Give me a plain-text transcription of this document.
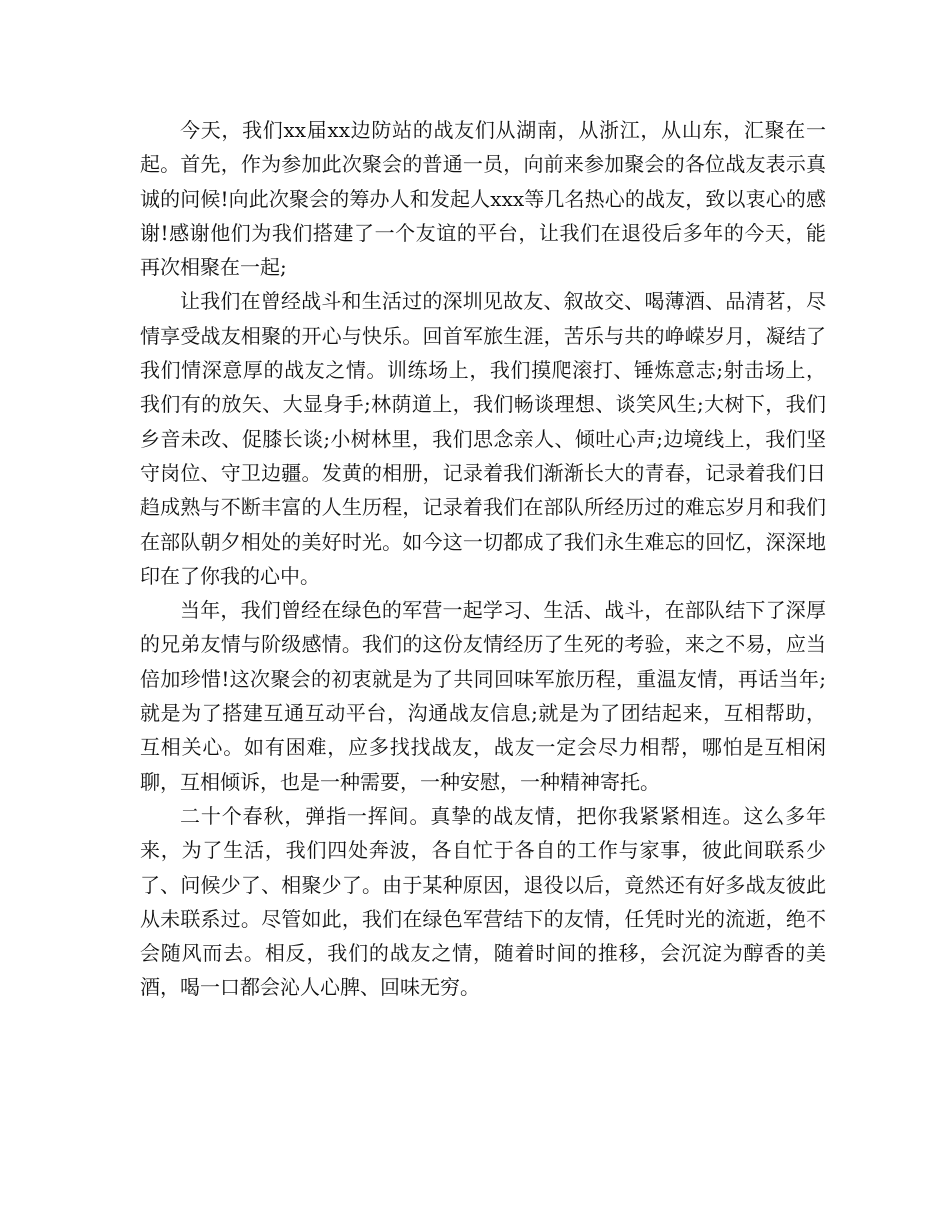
今天，我们xx届xx边防站的战友们从湖南，从浙江，从山东，汇聚在一起。首先，作为参加此次聚会的普通一员，向前来参加聚会的各位战友表示真诚的问候!向此次聚会的筹办人和发起人xxx等几名热心的战友，致以衷心的感谢!感谢他们为我们搭建了一个友谊的平台，让我们在退役后多年的今天，能再次相聚在一起;

让我们在曾经战斗和生活过的深圳见故友、叙故交、喝薄酒、品清茗，尽情享受战友相聚的开心与快乐。回首军旅生涯，苦乐与共的峥嵘岁月，凝结了我们情深意厚的战友之情。训练场上，我们摸爬滚打、锤炼意志;射击场上，我们有的放矢、大显身手;林荫道上，我们畅谈理想、谈笑风生;大树下，我们乡音未改、促膝长谈;小树林里，我们思念亲人、倾吐心声;边境线上，我们坚守岗位、守卫边疆。发黄的相册，记录着我们渐渐长大的青春，记录着我们日趋成熟与不断丰富的人生历程，记录着我们在部队所经历过的难忘岁月和我们在部队朝夕相处的美好时光。如今这一切都成了我们永生难忘的回忆，深深地印在了你我的心中。

当年，我们曾经在绿色的军营一起学习、生活、战斗，在部队结下了深厚的兄弟友情与阶级感情。我们的这份友情经历了生死的考验，来之不易，应当倍加珍惜!这次聚会的初衷就是为了共同回味军旅历程，重温友情，再话当年;就是为了搭建互通互动平台，沟通战友信息;就是为了团结起来，互相帮助，互相关心。如有困难，应多找找战友，战友一定会尽力相帮，哪怕是互相闲聊，互相倾诉，也是一种需要，一种安慰，一种精神寄托。

二十个春秋，弹指一挥间。真挚的战友情，把你我紧紧相连。这么多年来，为了生活，我们四处奔波，各自忙于各自的工作与家事，彼此间联系少了、问候少了、相聚少了。由于某种原因，退役以后，竟然还有好多战友彼此从未联系过。尽管如此，我们在绿色军营结下的友情，任凭时光的流逝，绝不会随风而去。相反，我们的战友之情，随着时间的推移，会沉淀为醇香的美酒，喝一口都会沁人心脾、回味无穷。
